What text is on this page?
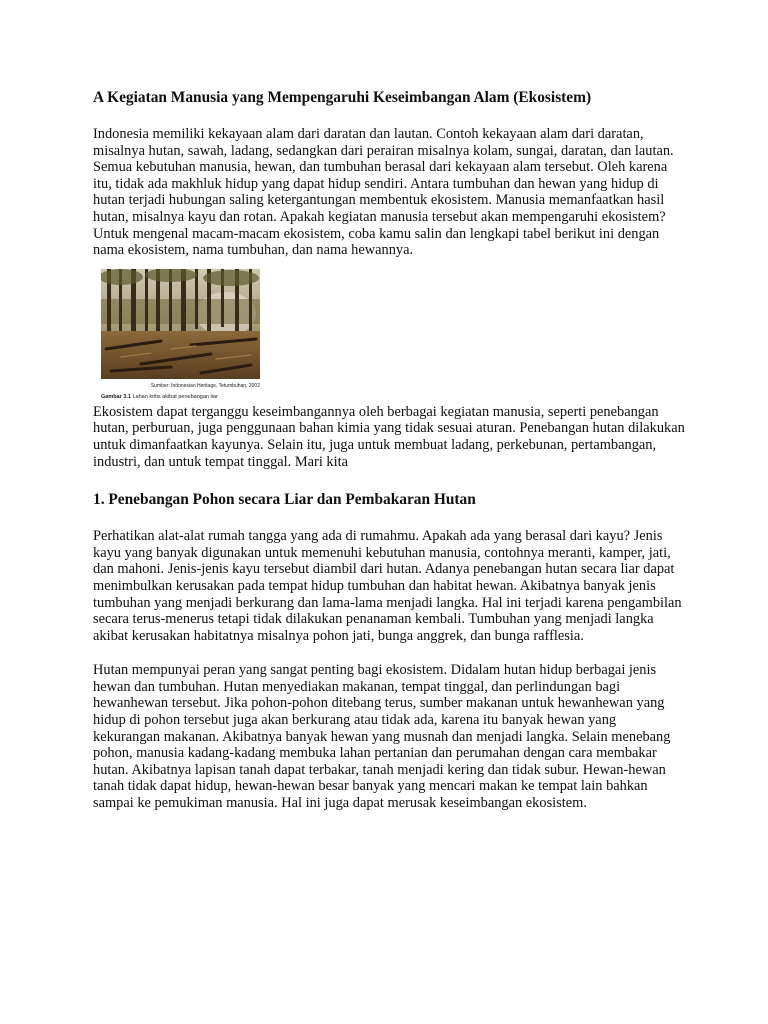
A Kegiatan Manusia yang Mempengaruhi Keseimbangan Alam (Ekosistem)

Indonesia memiliki kekayaan alam dari daratan dan lautan. Contoh kekayaan alam dari daratan, misalnya hutan, sawah, ladang, sedangkan dari perairan misalnya kolam, sungai, daratan, dan lautan. Semua kebutuhan manusia, hewan, dan tumbuhan berasal dari kekayaan alam tersebut. Oleh karena itu, tidak ada makhluk hidup yang dapat hidup sendiri. Antara tumbuhan dan hewan yang hidup di hutan terjadi hubungan saling ketergantungan membentuk ekosistem. Manusia memanfaatkan hasil hutan, misalnya kayu dan rotan. Apakah kegiatan manusia tersebut akan mempengaruhi ekosistem? Untuk mengenal macam-macam ekosistem, coba kamu salin dan lengkapi tabel berikut ini dengan nama ekosistem, nama tumbuhan, dan nama hewannya.

Sumber: Indonesian Heritage, Tetumbuhan, 2002
Gambar 3.1 Lahan kritis akibat penebangan liar

Ekosistem dapat terganggu keseimbangannya oleh berbagai kegiatan manusia, seperti penebangan hutan, perburuan, juga penggunaan bahan kimia yang tidak sesuai aturan. Penebangan hutan dilakukan untuk dimanfaatkan kayunya. Selain itu, juga untuk membuat ladang, perkebunan, pertambangan, industri, dan untuk tempat tinggal. Mari kita

1. Penebangan Pohon secara Liar dan Pembakaran Hutan

Perhatikan alat-alat rumah tangga yang ada di rumahmu. Apakah ada yang berasal dari kayu? Jenis kayu yang banyak digunakan untuk memenuhi kebutuhan manusia, contohnya meranti, kamper, jati, dan mahoni. Jenis-jenis kayu tersebut diambil dari hutan. Adanya penebangan hutan secara liar dapat menimbulkan kerusakan pada tempat hidup tumbuhan dan habitat hewan. Akibatnya banyak jenis tumbuhan yang menjadi berkurang dan lama-lama menjadi langka. Hal ini terjadi karena pengambilan secara terus-menerus tetapi tidak dilakukan penanaman kembali. Tumbuhan yang menjadi langka akibat kerusakan habitatnya misalnya pohon jati, bunga anggrek, dan bunga rafflesia.

Hutan mempunyai peran yang sangat penting bagi ekosistem. Didalam hutan hidup berbagai jenis hewan dan tumbuhan. Hutan menyediakan makanan, tempat tinggal, dan perlindungan bagi hewanhewan tersebut. Jika pohon-pohon ditebang terus, sumber makanan untuk hewanhewan yang hidup di pohon tersebut juga akan berkurang atau tidak ada, karena itu banyak hewan yang kekurangan makanan. Akibatnya banyak hewan yang musnah dan menjadi langka. Selain menebang pohon, manusia kadang-kadang membuka lahan pertanian dan perumahan dengan cara membakar hutan. Akibatnya lapisan tanah dapat terbakar, tanah menjadi kering dan tidak subur. Hewan-hewan tanah tidak dapat hidup, hewan-hewan besar banyak yang mencari makan ke tempat lain bahkan sampai ke pemukiman manusia. Hal ini juga dapat merusak keseimbangan ekosistem.
